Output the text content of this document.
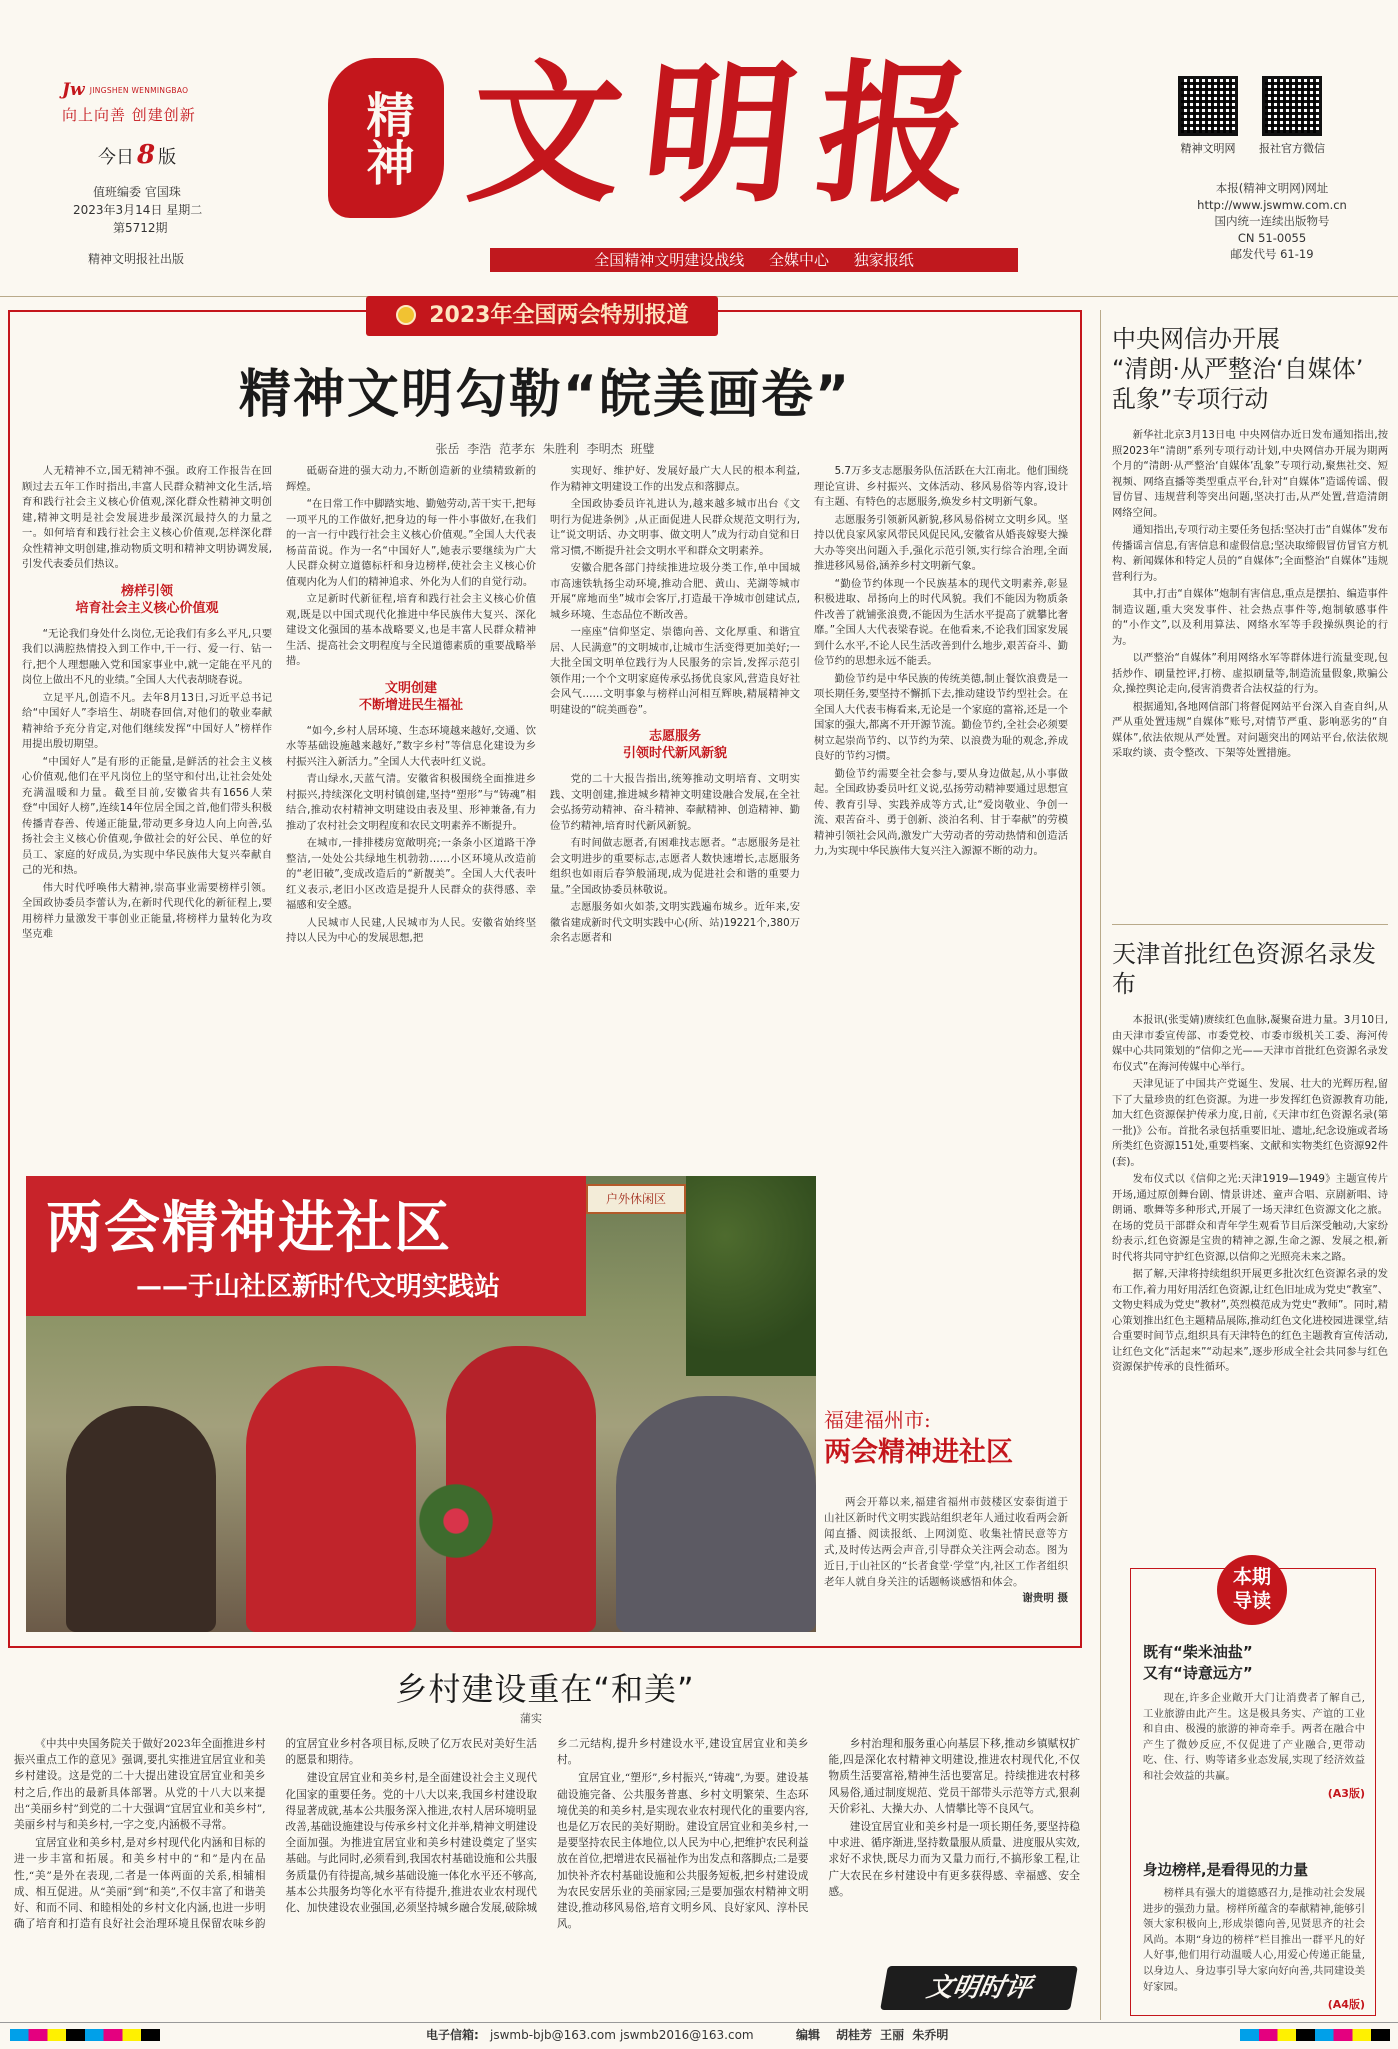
Jw JINGSHEN WENMINGBAO
向上向善 创建创新
今日 8 版
值班编委 官国珠
2023年3月14日 星期二
第5712期
精神文明报社出版
精神 文明报	精神文明网	报社官方微信
本报(精神文明网)网址
http://www.jswmw.com.cn
国内统一连续出版物号
CN 51-0055
邮发代号 61-19
全国精神文明建设战线 全媒中心 独家报纸
2023年全国两会特别报道
精神文明勾勒“皖美画卷”
张岳 李浩 范孝东 朱胜利 李明杰 班璧

人无精神不立,国无精神不强。政府工作报告在回顾过去五年工作时指出,丰富人民群众精神文化生活,培育和践行社会主义核心价值观,深化群众性精神文明创建,精神文明是社会发展进步最深沉最持久的力量之一。如何培育和践行社会主义核心价值观,怎样深化群众性精神文明创建,推动物质文明和精神文明协调发展,引发代表委员们热议。

榜样引领
培育社会主义核心价值观

“无论我们身处什么岗位,无论我们有多么平凡,只要我们以满腔热情投入到工作中,干一行、爱一行、钻一行,把个人理想融入党和国家事业中,就一定能在平凡的岗位上做出不凡的业绩。”全国人大代表胡晓春说。

立足平凡,创造不凡。去年8月13日,习近平总书记给“中国好人”李培生、胡晓春回信,对他们的敬业奉献精神给予充分肯定,对他们继续发挥“中国好人”榜样作用提出殷切期望。

“中国好人”是有形的正能量,是鲜活的社会主义核心价值观,他们在平凡岗位上的坚守和付出,让社会处处充满温暖和力量。截至目前,安徽省共有1656人荣登“中国好人榜”,连续14年位居全国之首,他们带头积极传播青春善、传递正能量,带动更多身边人向上向善,弘扬社会主义核心价值观,争做社会的好公民、单位的好员工、家庭的好成员,为实现中华民族伟大复兴奉献自己的光和热。

伟大时代呼唤伟大精神,崇高事业需要榜样引领。全国政协委员李蕾认为,在新时代现代化的新征程上,要用榜样力量激发干事创业正能量,将榜样力量转化为攻坚克难

砥砺奋进的强大动力,不断创造新的业绩精致新的辉煌。

“在日常工作中脚踏实地、勤勉劳动,苦干实干,把每一项平凡的工作做好,把身边的每一件小事做好,在我们的一言一行中践行社会主义核心价值观。”全国人大代表杨苗苗说。作为一名“中国好人”,她表示要继续为广大人民群众树立道德标杆和身边榜样,使社会主义核心价值观内化为人们的精神追求、外化为人们的自觉行动。

立足新时代新征程,培育和践行社会主义核心价值观,既是以中国式现代化推进中华民族伟大复兴、深化建设文化强国的基本战略要义,也是丰富人民群众精神生活、提高社会文明程度与全民道德素质的重要战略举措。

文明创建
不断增进民生福祉

“如今,乡村人居环境、生态环境越来越好,交通、饮水等基础设施越来越好,”数字乡村”等信息化建设为乡村振兴注入新活力。”全国人大代表叶红义说。

青山绿水,天蓝气清。安徽省积极围绕全面推进乡村振兴,持续深化文明村镇创建,坚持“塑形”与“铸魂”相结合,推动农村精神文明建设由表及里、形神兼备,有力推动了农村社会文明程度和农民文明素养不断提升。

在城市,一排排楼房宽敞明亮;一条条小区道路干净整洁,一处处公共绿地生机勃勃……小区环境从改造前的“老旧破”,变成改造后的“新靓美”。全国人大代表叶红义表示,老旧小区改造是提升人民群众的获得感、幸福感和安全感。

人民城市人民建,人民城市为人民。安徽省始终坚持以人民为中心的发展思想,把

实现好、维护好、发展好最广大人民的根本利益,作为精神文明建设工作的出发点和落脚点。

全国政协委员许礼进认为,越来越多城市出台《文明行为促进条例》,从正面促进人民群众规范文明行为,让“说文明话、办文明事、做文明人”成为行动自觉和日常习惯,不断提升社会文明水平和群众文明素养。

安徽合肥各部门持续推进垃圾分类工作,单中国城市高速铁轨扬尘动环境,推动合肥、黄山、芜湖等城市开展“席地而坐”城市会客厅,打造最干净城市创建试点,城乡环境、生态品位不断改善。

一座座“信仰坚定、崇德向善、文化厚重、和谐宜居、人民满意”的文明城市,让城市生活变得更加美好;一大批全国文明单位践行为人民服务的宗旨,发挥示范引领作用;一个个文明家庭传承弘扬优良家风,营造良好社会风气……文明事象与榜样山河相互辉映,精展精神文明建设的“皖美画卷”。

志愿服务
引领时代新风新貌

党的二十大报告指出,统筹推动文明培育、文明实践、文明创建,推进城乡精神文明建设融合发展,在全社会弘扬劳动精神、奋斗精神、奉献精神、创造精神、勤俭节约精神,培育时代新风新貌。

有时间做志愿者,有困难找志愿者。“志愿服务是社会文明进步的重要标志,志愿者人数快速增长,志愿服务组织也如雨后春笋般涌现,成为促进社会和谐的重要力量。”全国政协委员林敬说。

志愿服务如火如荼,文明实践遍布城乡。近年来,安徽省建成新时代文明实践中心(所、站)19221个,380万余名志愿者和

5.7万多支志愿服务队伍活跃在大江南北。他们围绕理论宣讲、乡村振兴、文体活动、移风易俗等内容,设计有主题、有特色的志愿服务,焕发乡村文明新气象。

志愿服务引领新风新貌,移风易俗树立文明乡风。坚持以优良家风家风带民风促民风,安徽省从婚丧嫁娶大操大办等突出问题入手,强化示范引领,实行综合治理,全面推进移风易俗,涵养乡村文明新气象。

“勤俭节约体现一个民族基本的现代文明素养,彰显积极进取、昂扬向上的时代风貌。我们不能因为物质条件改善了就铺张浪费,不能因为生活水平提高了就攀比奢靡。”全国人大代表梁春说。在他看来,不论我们国家发展到什么水平,不论人民生活改善到什么地步,艰苦奋斗、勤俭节约的思想永远不能丢。

勤俭节约是中华民族的传统美德,制止餐饮浪费是一项长期任务,要坚持不懈抓下去,推动建设节约型社会。在全国人大代表韦梅看来,无论是一个家庭的富裕,还是一个国家的强大,都离不开开源节流。勤俭节约,全社会必须要树立起崇尚节约、以节约为荣、以浪费为耻的观念,养成良好的节约习惯。

勤俭节约需要全社会参与,要从身边做起,从小事做起。全国政协委员叶红义说,弘扬劳动精神要通过思想宣传、教育引导、实践养成等方式,让“爱岗敬业、争创一流、艰苦奋斗、勇于创新、淡泊名利、甘于奉献”的劳模精神引领社会风尚,激发广大劳动者的劳动热情和创造活力,为实现中华民族伟大复兴注入源源不断的动力。

两会精神进社区
——于山社区新时代文明实践站
户外休闲区
福建福州市:
两会精神进社区
两会开幕以来,福建省福州市鼓楼区安泰街道于山社区新时代文明实践站组织老年人通过收看两会新闻直播、阅读报纸、上网浏览、收集社情民意等方式,及时传达两会声音,引导群众关注两会动态。图为近日,于山社区的“长者食堂·学堂”内,社区工作者组织老年人就自身关注的话题畅谈感悟和体会。
谢贵明 摄
乡村建设重在“和美”
蒲实

《中共中央国务院关于做好2023年全面推进乡村振兴重点工作的意见》强调,要扎实推进宜居宜业和美乡村建设。这是党的二十大提出建设宜居宜业和美乡村之后,作出的最新具体部署。从党的十八大以来提出“美丽乡村”到党的二十大强调“宜居宜业和美乡村”,美丽乡村与和美乡村,一字之变,内涵极不寻常。

宜居宜业和美乡村,是对乡村现代化内涵和目标的进一步丰富和拓展。和美乡村中的“和”是内在品性,“美”是外在表现,二者是一体两面的关系,相辅相成、相互促进。从“美丽”到“和美”,不仅丰富了和谐美好、和而不同、和睦相处的乡村文化内涵,也进一步明确了培育和打造有良好社会治理环境且保留农味乡韵的宜居宜业乡村各项目标,反映了亿万农民对美好生活的愿景和期待。

建设宜居宜业和美乡村,是全面建设社会主义现代化国家的重要任务。党的十八大以来,我国乡村建设取得显著成就,基本公共服务深入推进,农村人居环境明显改善,基础设施建设与传承乡村文化并举,精神文明建设全面加强。为推进宜居宜业和美乡村建设奠定了坚实基础。与此同时,必须看到,我国农村基础设施和公共服务质量仍有待提高,城乡基础设施一体化水平还不够高,基本公共服务均等化水平有待提升,推进农业农村现代化、加快建设农业强国,必须坚持城乡融合发展,破除城乡二元结构,提升乡村建设水平,建设宜居宜业和美乡村。

宜居宜业,“塑形”,乡村振兴,“铸魂”,为要。建设基础设施完备、公共服务普惠、乡村文明繁荣、生态环境优美的和美乡村,是实现农业农村现代化的重要内容,也是亿万农民的美好期盼。建设宜居宜业和美乡村,一是要坚持农民主体地位,以人民为中心,把维护农民利益放在首位,把增进农民福祉作为出发点和落脚点;二是要加快补齐农村基础设施和公共服务短板,把乡村建设成为农民安居乐业的美丽家园;三是要加强农村精神文明建设,推动移风易俗,培育文明乡风、良好家风、淳朴民风。

乡村治理和服务重心向基层下移,推动乡镇赋权扩能,四是深化农村精神文明建设,推进农村现代化,不仅物质生活要富裕,精神生活也要富足。持续推进农村移风易俗,通过制度规范、党员干部带头示范等方式,狠刹天价彩礼、大操大办、人情攀比等不良风气。

建设宜居宜业和美乡村是一项长期任务,要坚持稳中求进、循序渐进,坚持数量服从质量、进度服从实效,求好不求快,既尽力而为又量力而行,不搞形象工程,让广大农民在乡村建设中有更多获得感、幸福感、安全感。

文明时评
中央网信办开展
“清朗·从严整治‘自媒体’
乱象”专项行动

新华社北京3月13日电 中央网信办近日发布通知指出,按照2023年“清朗”系列专项行动计划,中央网信办开展为期两个月的“清朗·从严整治‘自媒体’乱象”专项行动,聚焦社交、短视频、网络直播等类型重点平台,针对“自媒体”造谣传谣、假冒仿冒、违规营利等突出问题,坚决打击,从严处置,营造清朗网络空间。

通知指出,专项行动主要任务包括:坚决打击“自媒体”发布传播谣言信息,有害信息和虚假信息;坚决取缔假冒仿冒官方机构、新闻媒体和特定人员的“自媒体”;全面整治“自媒体”违规营利行为。

其中,打击“自媒体”炮制有害信息,重点是摆拍、编造事件制造议题,重大突发事件、社会热点事件等,炮制敏感事件的“小作文”,以及利用算法、网络水军等手段操纵舆论的行为。

以严整治“自媒体”利用网络水军等群体进行流量变现,包括炒作、刷量控评,打榜、虚拟刷量等,制造流量假象,欺骗公众,操控舆论走向,侵害消费者合法权益的行为。

根据通知,各地网信部门将督促网站平台深入自查自纠,从严从重处置违规“自媒体”账号,对情节严重、影响恶劣的“自媒体”,依法依规从严处置。对问题突出的网站平台,依法依规采取约谈、责令整改、下架等处置措施。

天津首批红色资源名录发布

本报讯(张雯婧)赓续红色血脉,凝聚奋进力量。3月10日,由天津市委宣传部、市委党校、市委市级机关工委、海河传媒中心共同策划的“信仰之光——天津市首批红色资源名录发布仪式”在海河传媒中心举行。

天津见证了中国共产党诞生、发展、壮大的光辉历程,留下了大量珍贵的红色资源。为进一步发挥红色资源教育功能,加大红色资源保护传承力度,日前,《天津市红色资源名录(第一批)》公布。首批名录包括重要旧址、遗址,纪念设施或者场所类红色资源151处,重要档案、文献和实物类红色资源92件(套)。

发布仪式以《信仰之光:天津1919—1949》主题宣传片开场,通过原创舞台剧、情景讲述、童声合唱、京剧新唱、诗朗诵、歌舞等多种形式,开展了一场天津红色资源文化之旅。在场的党员干部群众和青年学生观看节目后深受触动,大家纷纷表示,红色资源是宝贵的精神之源,生命之源、发展之根,新时代将共同守护红色资源,以信仰之光照亮未来之路。

据了解,天津将持续组织开展更多批次红色资源名录的发布工作,着力用好用活红色资源,让红色旧址成为党史“教室”、文物史料成为党史“教材”,英烈模范成为党史“教师”。同时,精心策划推出红色主题精品展陈,推动红色文化进校园进课堂,结合重要时间节点,组织具有天津特色的红色主题教育宣传活动,让红色文化“活起来”“动起来”,逐步形成全社会共同参与红色资源保护传承的良性循环。

本期导读
既有“柴米油盐”
又有“诗意远方”
现在,许多企业敞开大门让消费者了解自己,工业旅游由此产生。这是极具务实、产谊的工业和自由、极漫的旅游的神奇牵手。两者在融合中产生了微妙反应,不仅促进了产业融合,更带动吃、住、行、购等诸多业态发展,实现了经济效益和社会效益的共赢。
(A3版)
身边榜样,是看得见的力量
榜样具有强大的道德感召力,是推动社会发展进步的强劲力量。榜样所蕴含的奉献精神,能够引领大家积极向上,形成崇德向善,见贤思齐的社会风尚。本期“身边的榜样”栏目推出一群平凡的好人好事,他们用行动温暖人心,用爱心传递正能量,以身边人、身边事引导大家向好向善,共同建设美好家园。
(A4版)
电子信箱: jswmb-bjb@163.com jswmb2016@163.com	编辑 胡桂芳 王丽 朱乔明
